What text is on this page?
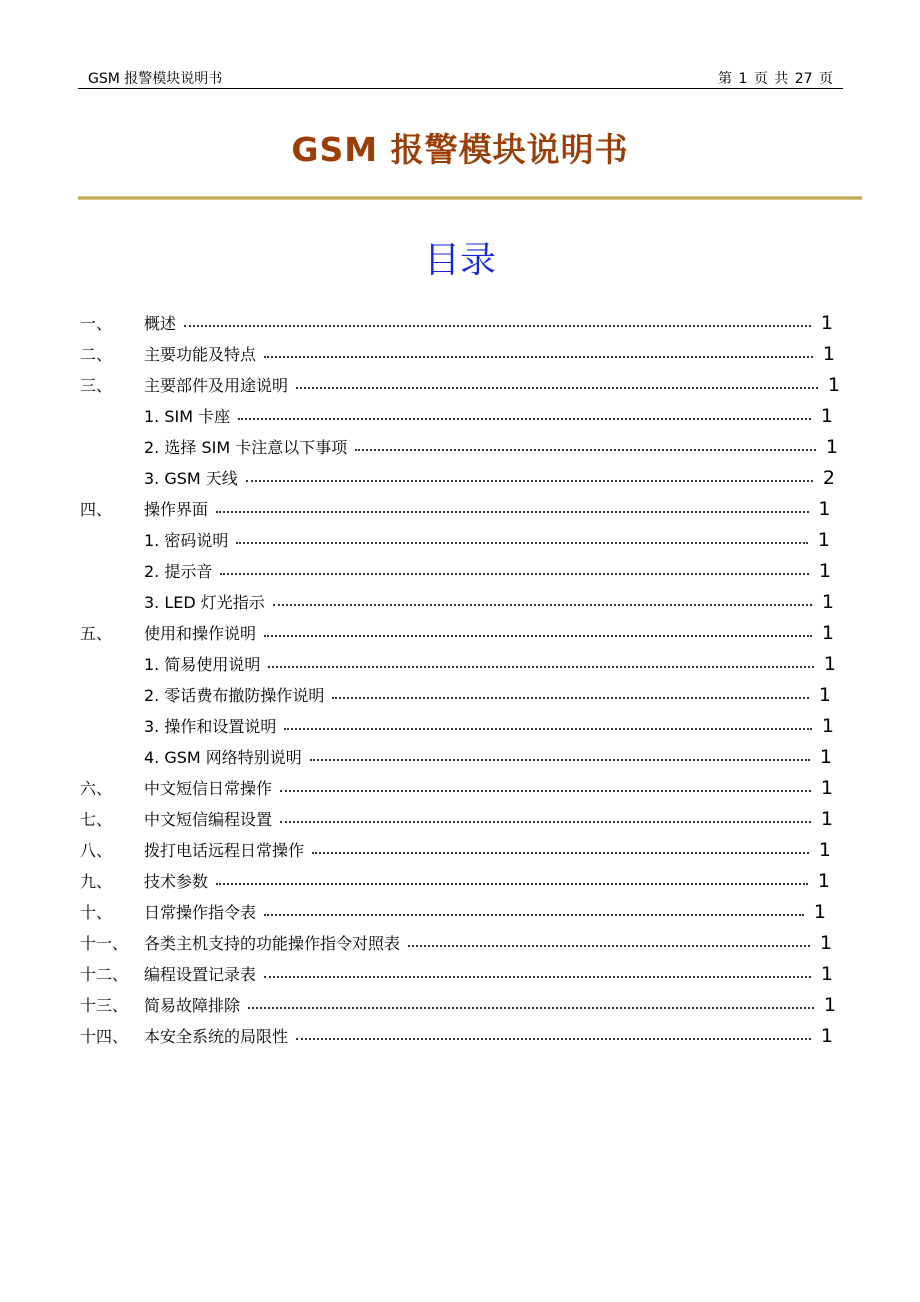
GSM 报警模块说明书	第 1 页 共 27 页
GSM 报警模块说明书
目录
一、	概述	1
二、	主要功能及特点	1
三、	主要部件及用途说明	1
1. SIM 卡座	1
2. 选择 SIM 卡注意以下事项	1
3. GSM 天线	2
四、	操作界面	1
1. 密码说明	1
2. 提示音	1
3. LED 灯光指示	1
五、	使用和操作说明	1
1. 简易使用说明	1
2. 零话费布撤防操作说明	1
3. 操作和设置说明	1
4. GSM 网络特别说明	1
六、	中文短信日常操作	1
七、	中文短信编程设置	1
八、	拨打电话远程日常操作	1
九、	技术参数	1
十、	日常操作指令表	1
十一、 各类主机支持的功能操作指令对照表	1
十二、 编程设置记录表	1
十三、 简易故障排除	1
十四、 本安全系统的局限性	1
